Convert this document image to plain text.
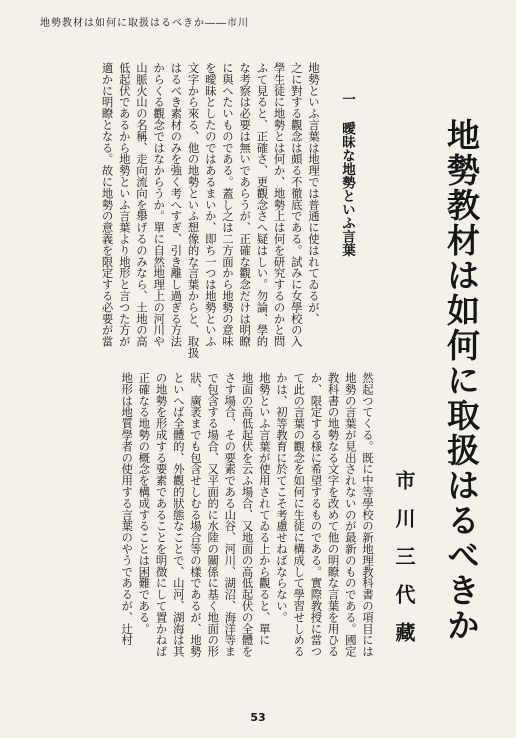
地勢教材は如何に取扱はるべきか――市川
地勢教材は如何に取扱はるべきか
市川三代藏
一 曖昧な地勢といふ言葉
地勢といふ言葉は地理では普通に使はれてゐるが、
之に對する觀念は頗る不徹底である。試みに女學校の入
學生徒に地勢とは何か、地勢上は何を研究するのかと問
ふて見ると、正確さ、更觀念さへ疑はしい。勿論、學的
な考察は必要は無いであらうが、正確な觀念だけは明瞭
に與へたいものである。蓋し之は二方面から地勢の意味
を曖昧としたのではあるまいか、即ち一つは地勢といふ
文字から來る、他の地勢といふ想像的な言葉からと、取扱
はるべき素材のみを強く考へすぎ、引き離し過ぎる方法
からくる觀念ではなからうか。單に自然地理上の河川や
山脈火山の名稱、走向流向を舉げるのみなら、土地の高
低起伏であるから地勢といふ言葉より地形と言つた方が
適かに明瞭となる。故に地勢の意義を限定する必要が當
然起つてくる。既に中等學校の新地理教科書の項目には
地勢の言葉が見出されないのが最新のものである。國定
教科書の地勢なる文字を改めて他の明瞭な言葉を用ひる
か、限定する様に希望するものである。實際教授に當つ
て此の言葉の觀念を如何に生徒に構成して學習せしめる
かは、初等教育に於てこそ考慮せねばならない。
地勢といふ言葉が使用されてゐる上から觀ると、單に
地面の高低起伏を云ふ場合、又地面の高低起伏の全體を
さす場合、その要素である山谷、河川、湖沼、海洋等ま
で包含する場合、又平面的に水陸の關係に基く地面の形
狀、廣袤までも包含せしむる場合等の樣であるが、地勢
といへば全體的、外觀的狀態なことで、山河、湖海は其
の地勢を形成する要素であることを明徴にして置かねば
正確なる地勢の概念を構成することは困難である。
地形は地質學者の使用する言葉のやうであるが、辻村
53
